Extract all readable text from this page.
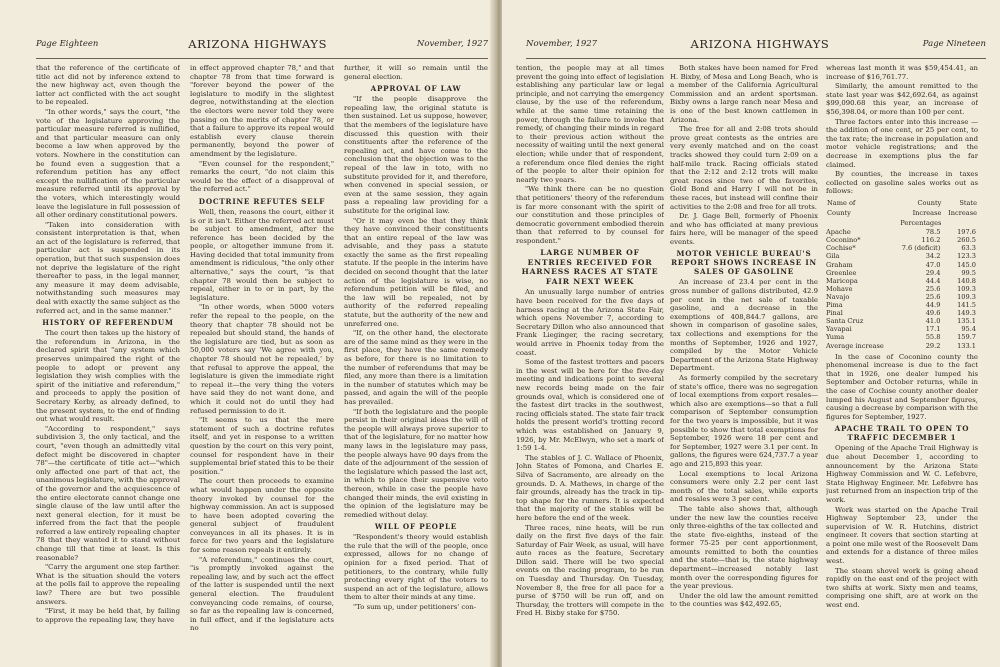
Page Eighteen	ARIZONA HIGHWAYS	November, 1927

that the reference of the certificate of title act did not by inference extend to the new highway act, even though the latter act conflicted with the act sought to be repealed.

"In other words," says the court, "the vote of the legislature approving the particular measure referred is nullified, and that particular measure can only become a law when approved by the voters. Nowhere in the constitution can be found even a suggestion that a referendum petition has any effect except the nullification of the particular measure referred until its approval by the voters, which interestingly would leave the legislature in full possession of all other ordinary constitutional powers.

"Taken into consideration with consistent interpretation is that, when an act of the legislature is referred, that particular act is suspended in its operation, but that such suspension does not deprive the legislature of the right thereafter to pass, in the legal manner, any measure it may deem advisable, notwithstanding such measures may deal with exactly the same subject as the referred act, and in the same manner."

HISTORY OF REFERENDUM

The court then takes up the history of the referendum in Arizona, in the declared spirit that "any system which preserves unimpaired the right of the people to adopt or prevent any legislation they wish complies with the spirit of the initiative and referendum," and proceeds to apply the position of Secretary Kerby, as already defined, to the present system, to the end of finding out what would result.

"According to respondent," says subdivision 3, the only tactical, and the court, "even though an admittedly vital defect might be discovered in chapter 78"—the certificate of title act—"which only affected one part of that act, the unanimous legislature, with the approval of the governor and the acquiescence of the entire electorate cannot change one single clause of the law until after the next general election, for it must be inferred from the fact that the people referred a law entirely repealing chapter 78 that they wanted it to stand without change till that time at least. Is this reasonable?

"Carry the argument one step farther. What is the situation should the voters at the polls fail to approve the repealing law? There are but two possible answers.

"First, it may be held that, by failing to approve the repealing law, they have

in effect approved chapter 78," and that chapter 78 from that time forward is "forever beyond the power of the legislature to modify in the slightest degree, notwithstanding at the election the electors were never told they were passing on the merits of chapter 78, or that a failure to approve its repeal would establish every clause therein permanently, beyond the power of amendment by the legislature.

"Even counsel for the respondent," remarks the court, "do not claim this would be the effect of a disapproval of the referred act."

DOCTRINE REFUTES SELF

Well, then, reasons the court, either it is or it isn't. Either the referred act must be subject to amendment, after the reference has been decided by the people, or altogether immune from it. Having decided that total immunity from amendment is ridiculous, "the only other alternative," says the court, "is that chapter 78 would then be subject to repeal, either in to or in part, by the legislature.

"In other words, when 5000 voters refer the repeal to the people, on the theory that chapter 78 should not be repealed but should stand, the hands of the legislature are tied, but as soon as 50,000 voters say 'We agree with you, chapter 78 should not be repealed,' by that refusal to approve the appeal, the legislature is given the immediate right to repeal it—the very thing the voters have said they do not want done, and which it could not do until they had refused permission to do it.

"It seems to us that the mere statement of such a doctrine refutes itself, and yet in response to a written question by the court on this very point, counsel for respondent have in their supplemental brief stated this to be their position."

The court then proceeds to examine what would happen under the opposite theory invoked by counsel for the highway commission. An act is supposed to have been adopted covering the general subject of fraudulent conveyances in all its phases. It is in force for two years and the legislature for some reason repeals it entirely.

"A referendum," continues the court, "is promptly invoked against the repealing law, and by such act the effect of the latter is suspended until the next general election. The fraudulent conveyancing code remains, of course, so far as the repealing law is concerned, in full effect, and if the legislature acts no

further, it will so remain until the general election.

APPROVAL OF LAW

"If the people disapprove the repealing law, the original statute is then sustained. Let us suppose, however, that the members of the legislature have discussed this question with their constituents after the reference of the repealing act, and have come to the conclusion that the objection was to the repeal of the law in toto, with no substitute provided for it, and therefore, when convened in special session, or even at the same session, they again pass a repealing law providing for a substitute for the original law.

"Or it may even be that they think they have convinced their constituents that an entire repeal of the law was advisable, and they pass a statute exactly the same as the first repealing statute. If the people in the interim have decided on second thought that the later action of the legislature is wise, no referendum petition will be filed, and the law will be repealed, not by authority of the referred repealing statute, but the authority of the new and unreferred one.

"If, on the other hand, the electorate are of the same mind as they were in the first place, they have the same remedy as before, for there is no limitation to the number of referendums that may be filed, any more than there is a limitation in the number of statutes which may be passed, and again the will of the people has prevailed.

"If both the legislature and the people persist in their original ideas the will of the people will always prove superior to that of the legislature, for no matter how many laws in the legislature may pass, the people always have 90 days from the date of the adjournment of the session of the legislature which passed the last act, in which to place their suspensive veto thereon, while in case the people have changed their minds, the evil existing in the opinion of the legislature may be remedied without delay.

WILL OF PEOPLE

"Respondent's theory would establish the rule that the will of the people, once expressed, allows for no change of opinion for a fixed period. That of petitioners, to the contrary, while fully protecting every right of the voters to suspend an act of the legislature, allows them to alter their minds at any time.

"To sum up, under petitioners' con-

November, 1927	ARIZONA HIGHWAYS	Page Nineteen

tention, the people may at all times prevent the going into effect of legislation establishing any particular law or legal principle, and not carrying the emergency clause, by the use of the referendum, while at the same time retaining the power, through the failure to invoke that remedy, of changing their minds in regard to their previous action without the necessity of waiting until the next general election; while under that of respondent, a referendum once filed denies the right of the people to alter their opinion for nearly two years.

"We think there can be no question that petitioners' theory of the referendum is far more consonant with the spirit of our constitution and those principles of democratic government embodied therein than that referred to by counsel for respondent."

LARGE NUMBER OF ENTRIES RECEIVED FOR HARNESS RACES AT STATE FAIR NEXT WEEK

An unusually large number of entries have been received for the five days of harness racing at the Arizona State Fair, which opens November 7, according to Secretary Dillon who also announced that Frank Lieginger, the racing secretary, would arrive in Phoenix today from the coast.

Some of the fastest trotters and pacers in the west will be here for the five-day meeting and indications point to several new records being made on the fair grounds oval, which is considered one of the fastest dirt tracks in the southwest, racing officials stated. The state fair track holds the present world's trotting record which was established on January 9, 1926, by Mr. McElwyn, who set a mark of 1:59 1-4.

The stables of J. C. Wallace of Phoenix, John States of Pomona, and Charles E. Silva of Sacramento, are already on the grounds. D. A. Mathews, in charge of the fair grounds, already has the track in tip-top shape for the runners. It is expected that the majority of the stables will be here before the end of the week.

Three races, nine heats, will be run daily on the first five days of the fair. Saturday of Fair Week, as usual, will have auto races as the feature, Secretary Dillon said. There will be two special events on the racing program, to be run on Tuesday and Thursday. On Tuesday, November 8, the free for all pace for a purse of $750 will be run off, and on Thursday, the trotters will compete in the Fred H. Bixby stake for $750.

Both stakes have been named for Fred H. Bixby, of Mesa and Long Beach, who is a member of the California Agricultural Commission and an ardent sportsman. Bixby owns a large ranch near Mesa and is one of the best known cattlemen in Arizona.

The free for all and 2:08 trots should prove great contests as the entries are very evenly matched and on the coast tracks showed they could turn 2:09 on a half-mile track. Racing officials stated that the 2:12 and 2:12 trots will make great races since two of the favorites, Gold Bond and Harry I will not be in these races, but instead will confine their activities to the 2:08 and free for all trots.

Dr. J. Gage Bell, formerly of Phoenix and who has officiated at many previous fairs here, will be manager of the speed events.

MOTOR VEHICLE BUREAU'S REPORT SHOWS INCREASE IN SALES OF GASOLINE

An increase of 23.4 per cent in the gross number of gallons distributed, 42.9 per cent in the net sale of taxable gasoline, and a decrease in the exemptions of 408,844.7 gallons, are shown in comparison of gasoline sales, tax collections and exemptions for the months of September, 1926 and 1927, compiled by the Motor Vehicle Department of the Arizona State Highway Department.

As formerly compiled by the secretary of state's office, there was no segregation of local exemptions from export resales—which also are exemptions—so that a full comparison of September consumption for the two years is impossible, but it was possible to show that total exemptions for September, 1926 were 18 per cent and for September, 1927 were 3.1 per cent. In gallons, the figures were 624,737.7 a year ago and 215,893 this year.

Local exemptions to local Arizona consumers were only 2.2 per cent last month of the total sales, while exports and resales were 3 per cent.

The table also shows that, although under the new law the counties receive only three-eighths of the tax collected and the state five-eighths, instead of the former 75-25 per cent apportionment, amounts remitted to both the counties and the state—that is, the state highway department—increased notably last month over the corresponding figures for the year previous.

Under the old law the amount remitted to the counties was $42,492.65,

whereas last month it was $59,454.41, an increase of $16,761.77.

Similarly, the amount remitted to the state last year was $42,692.64, as against $99,090.68 this year, an increase of $56,398.04, or more than 100 per cent.

Three factors enter into this increase —the addition of one cent, or 25 per cent, to the tax rate; the increase in population and motor vehicle registrations; and the decrease in exemptions plus the far claimed.

By counties, the increase in taxes collected on gasoline sales works out as follows:

Name of	County	State
County	Increase	Increase
	Percentages	
Apache	78.5	197.6
Coconino*	116.2	260.5
Cochise*	7.6 (deficit)	63.3
Gila	34.2	123.3
Graham	47.0	145.0
Greenlee	29.4	99.5
Maricopa	44.4	140.8
Mohave	25.6	109.3
Navajo	25.6	109.3
Pima	44.9	141.5
Pinal	49.6	149.3
Santa Cruz	41.0	135.1
Yavapai	17.1	95.4
Yuma	55.8	159.7
Average increase	29.2	133.1

In the case of Coconino county the phenomenal increase is due to the fact that in 1926, one dealer lumped his September and October returns, while in the case of Cochise county another dealer lumped his August and September figures, causing a decrease by comparison with the figures for September, 1927.

APACHE TRAIL TO OPEN TO TRAFFIC DECEMBER 1

Opening of the Apache Trail Highway is due about December 1, according to announcement by the Arizona State Highway Commission and W. C. Lefebvre, State Highway Engineer. Mr. Lefebvre has just returned from an inspection trip of the work.

Work was started on the Apache Trail Highway September 23, under the supervision of W. R. Hutchins, district engineer. It covers that section starting at a point one mile west of the Roosevelt Dam and extends for a distance of three miles west.

The steam shovel work is going ahead rapidly on the east end of the project with two shifts at work. Sixty men and teams, comprising one shift, are at work on the west end.
